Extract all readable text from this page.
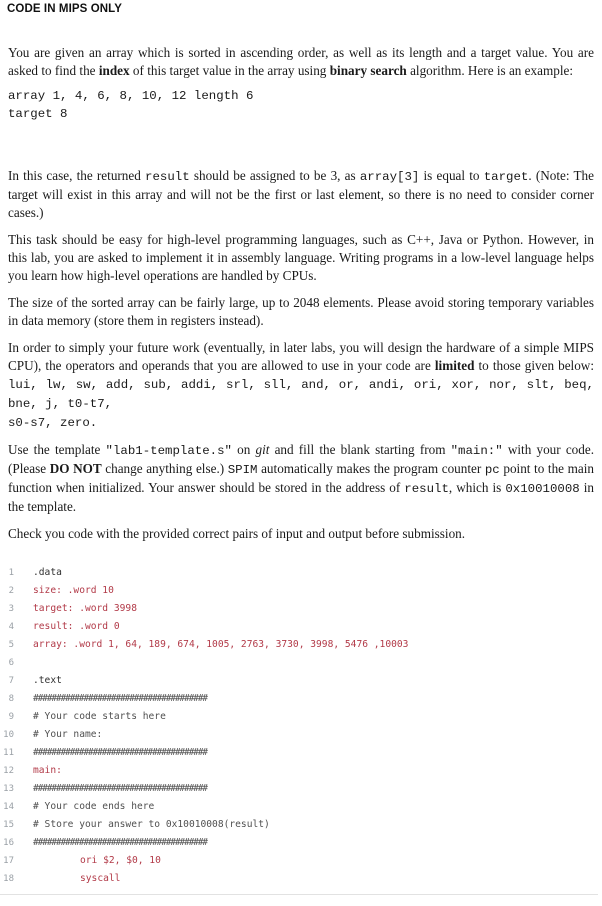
CODE IN MIPS ONLY

You are given an array which is sorted in ascending order, as well as its length and a target value. You are asked to find the index of this target value in the array using binary search algorithm. Here is an example:

array 1, 4, 6, 8, 10, 12 length 6
target 8

In this case, the returned result should be assigned to be 3, as array[3] is equal to target. (Note: The target will exist in this array and will not be the first or last element, so there is no need to consider corner cases.)

This task should be easy for high-level programming languages, such as C++, Java or Python. However, in this lab, you are asked to implement it in assembly language. Writing programs in a low-level language helps you learn how high-level operations are handled by CPUs.

The size of the sorted array can be fairly large, up to 2048 elements. Please avoid storing temporary variables in data memory (store them in registers instead).

In order to simply your future work (eventually, in later labs, you will design the hardware of a simple MIPS CPU), the operators and operands that you are allowed to use in your code are limited to those given below: lui, lw, sw, add, sub, addi, srl, sll, and, or, andi, ori, xor, nor, slt, beq, bne, j, t0-t7,
s0-s7, zero.

Use the template "lab1-template.s" on git and fill the blank starting from "main:" with your code. (Please DO NOT change anything else.) SPIM automatically makes the program counter pc point to the main function when initialized. Your answer should be stored in the address of result, which is 0x10010008 in the template.

Check you code with the provided correct pairs of input and output before submission.

1 .data
2 size: .word 10
3 target: .word 3998
4 result: .word 0
5 array: .word 1, 64, 189, 674, 1005, 2763, 3730, 3998, 5476 ,10003
6
7 .text
8 ######################################
9 # Your code starts here
10 # Your name:
11 ######################################
12 main:
13 ######################################
14 # Your code ends here
15 # Store your answer to 0x10010008(result)
16 ######################################
17	ori $2, $0, 10
18	syscall
